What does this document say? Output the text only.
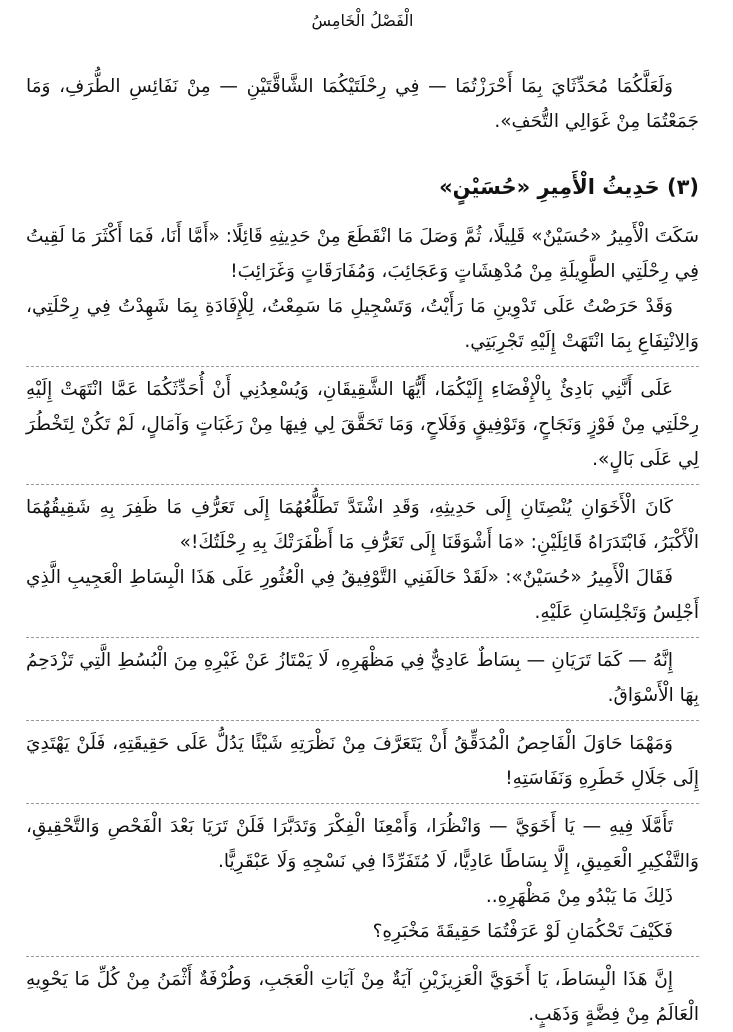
الْفَصْلُ الْخَامِسُ

وَلَعَلَّكُمَا مُحَدِّثَايَ بِمَا أَحْرَزْتُمَا — فِي رِحْلَتَيْكُمَا الشَّاقَّتَيْنِ — مِنْ نَفَائِسِ الطُّرَفِ، وَمَا جَمَعْتُمَا مِنْ غَوَالِي التُّحَفِ».

(٣) حَدِيثُ الْأَمِيرِ «حُسَيْنٍ»

سَكَتَ الْأَمِيرُ «حُسَيْنٌ» قَلِيلًا، ثُمَّ وَصَلَ مَا انْقَطَعَ مِنْ حَدِيثِهِ قَائِلًا: «أَمَّا أَنَا، فَمَا أَكْثَرَ مَا لَقِيتُ فِي رِحْلَتِي الطَّوِيلَةِ مِنْ مُدْهِشَاتٍ وَعَجَائِبَ، وَمُفَارَقَاتٍ وَغَرَائِبَ!

وَقَدْ حَرَصْتُ عَلَى تَدْوِينِ مَا رَأَيْتُ، وَتَسْجِيلِ مَا سَمِعْتُ، لِلْإِفَادَةِ بِمَا شَهِدْتُ فِي رِحْلَتِي، وَالِانْتِفَاعِ بِمَا انْتَهَتْ إِلَيْهِ تَجْرِبَتِي.

عَلَى أَنَّنِي بَادِئٌ بِالْإِفْضَاءِ إِلَيْكُمَا، أَيُّهَا الشَّقِيقَانِ، وَيُسْعِدُنِي أَنْ أُحَدِّثَكُمَا عَمَّا انْتَهَتْ إِلَيْهِ رِحْلَتِي مِنْ فَوْزٍ وَنَجَاحٍ، وَتَوْفِيقٍ وَفَلَاحٍ، وَمَا تَحَقَّقَ لِي فِيهَا مِنْ رَغَبَاتٍ وَآمَالٍ، لَمْ تَكُنْ لِتَخْطُرَ لِي عَلَى بَالٍ».

كَانَ الْأَخَوَانِ يُنْصِتَانِ إِلَى حَدِيثِهِ، وَقَدِ اشْتَدَّ تَطَلُّعُهُمَا إِلَى تَعَرُّفِ مَا ظَفِرَ بِهِ شَقِيقُهُمَا الْأَكْبَرُ، فَابْتَدَرَاهُ قَائِلَيْنِ: «مَا أَشْوَقَنَا إِلَى تَعَرُّفِ مَا أَظْفَرَتْكَ بِهِ رِحْلَتُكَ!»

فَقَالَ الْأَمِيرُ «حُسَيْنٌ»: «لَقَدْ حَالَفَنِي التَّوْفِيقُ فِي الْعُثُورِ عَلَى هَذَا الْبِسَاطِ الْعَجِيبِ الَّذِي أَجْلِسُ وَتَجْلِسَانِ عَلَيْهِ.

إِنَّهُ — كَمَا تَرَيَانِ — بِسَاطٌ عَادِيٌّ فِي مَظْهَرِهِ، لَا يَمْتَازُ عَنْ غَيْرِهِ مِنَ الْبُسُطِ الَّتِي تَزْدَحِمُ بِهَا الْأَسْوَاقُ.

وَمَهْمَا حَاوَلَ الْفَاحِصُ الْمُدَقِّقُ أَنْ يَتَعَرَّفَ مِنْ نَظْرَتِهِ شَيْئًا يَدُلُّ عَلَى حَقِيقَتِهِ، فَلَنْ يَهْتَدِيَ إِلَى جَلَالِ خَطَرِهِ وَنَفَاسَتِهِ!

تَأَمَّلَا فِيهِ — يَا أَخَوَيَّ — وَانْظُرَا، وَأَمْعِنَا الْفِكْرَ وَتَدَبَّرَا فَلَنْ تَرَيَا بَعْدَ الْفَحْصِ وَالتَّحْقِيقِ، وَالتَّفْكِيرِ الْعَمِيقِ، إِلَّا بِسَاطًا عَادِيًّا، لَا مُتَفَرِّدًا فِي نَسْجِهِ وَلَا عَبْقَرِيًّا.

ذَلِكَ مَا يَبْدُو مِنْ مَظْهَرِهِ..

فَكَيْفَ تَحْكُمَانِ لَوْ عَرَفْتُمَا حَقِيقَةَ مَخْبَرِهِ؟

إِنَّ هَذَا الْبِسَاطَ، يَا أَخَوَيَّ الْعَزِيزَيْنِ آيَةٌ مِنْ آيَاتِ الْعَجَبِ، وَطُرْفَةٌ أَثْمَنُ مِنْ كُلِّ مَا يَحْوِيهِ الْعَالَمُ مِنْ فِضَّةٍ وَذَهَبٍ.
